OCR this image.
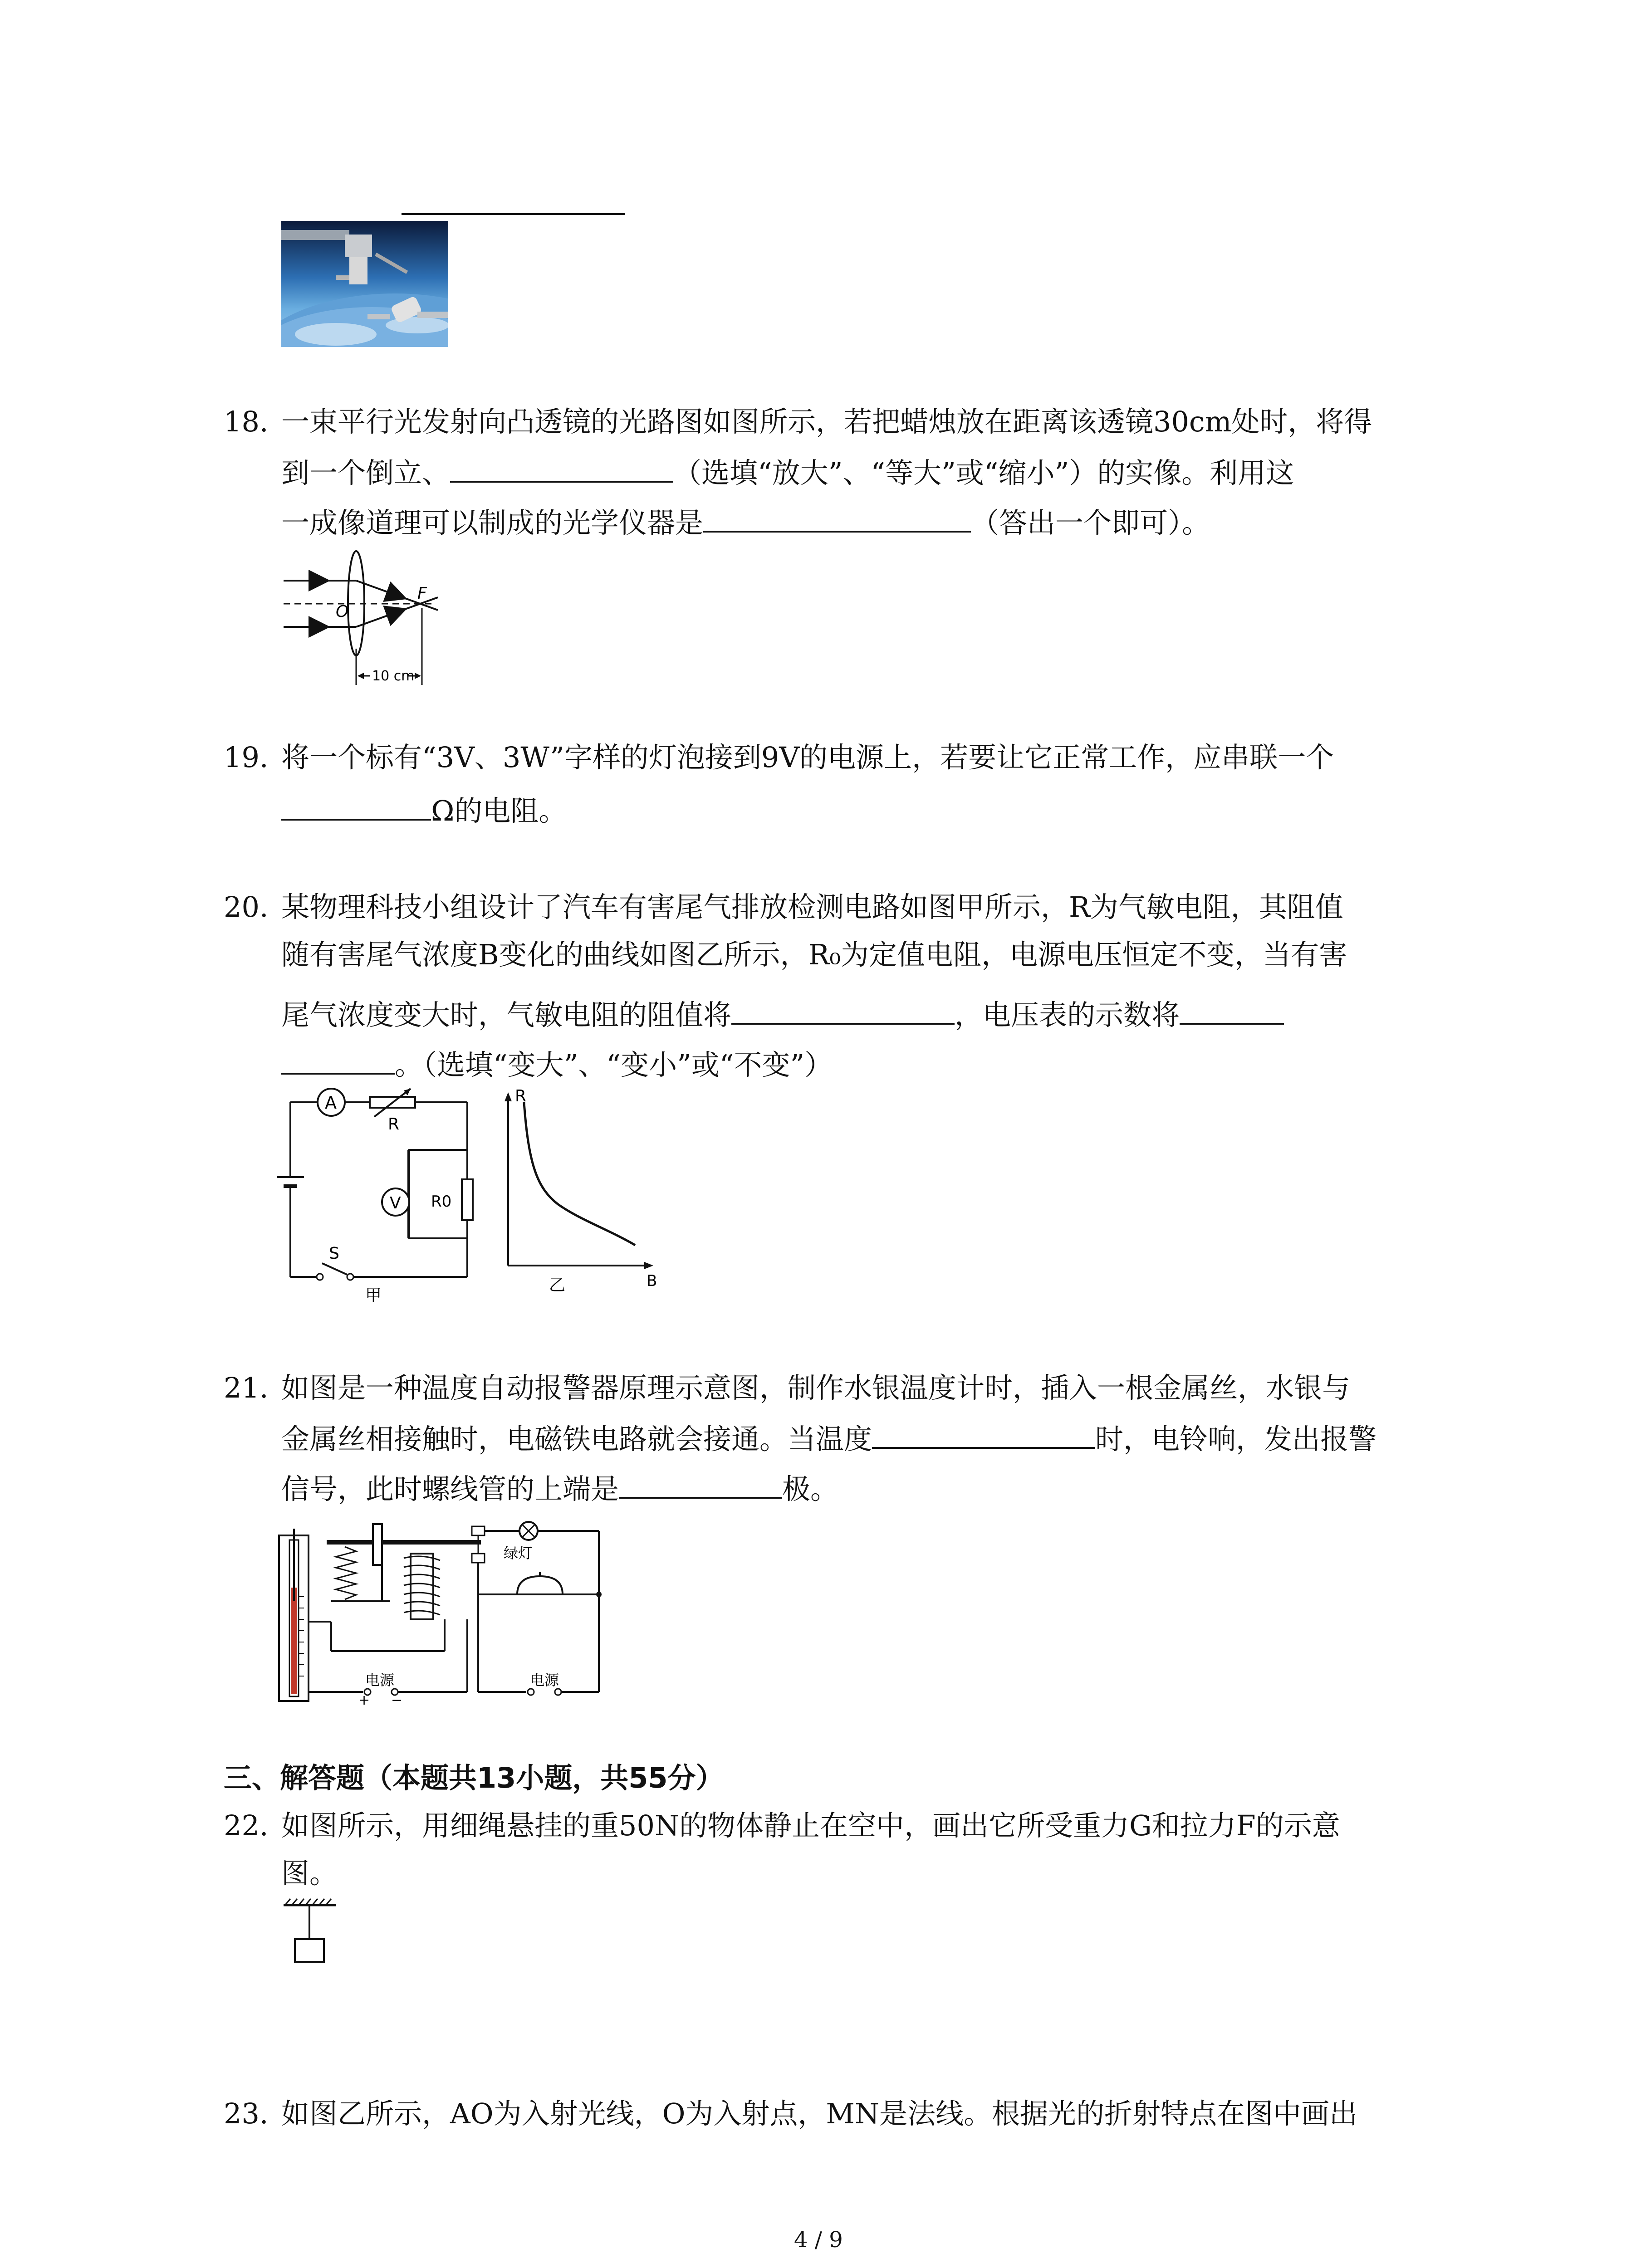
18. 一束平行光发射向凸透镜的光路图如图所示，若把蜡烛放在距离该透镜30cm处时，将得
到一个倒立、	（选填“放大”、“等大”或“缩小”）的实像。利用这
一成像道理可以制成的光学仪器是	（答出一个即可）。
O
F
10 cm
19. 将一个标有“3V、3W”字样的灯泡接到9V的电源上，若要让它正常工作，应串联一个
Ω的电阻。
20. 某物理科技小组设计了汽车有害尾气排放检测电路如图甲所示，R为气敏电阻，其阻值
随有害尾气浓度B变化的曲线如图乙所示，R₀为定值电阻，电源电压恒定不变，当有害
尾气浓度变大时，气敏电阻的阻值将	，电压表的示数将
。（选填“变大”、“变小”或“不变”）
A
R
S
V R0
甲
R
B
乙
21. 如图是一种温度自动报警器原理示意图，制作水银温度计时，插入一根金属丝，水银与
金属丝相接触时，电磁铁电路就会接通。当温度	时，电铃响，发出报警
信号，此时螺线管的上端是	极。
电源
+ −
绿灯
电源
三、解答题（本题共13小题，共55分）
22. 如图所示，用细绳悬挂的重50N的物体静止在空中，画出它所受重力G和拉力F的示意
图。
23. 如图乙所示，AO为入射光线，O为入射点，MN是法线。根据光的折射特点在图中画出
4 / 9
